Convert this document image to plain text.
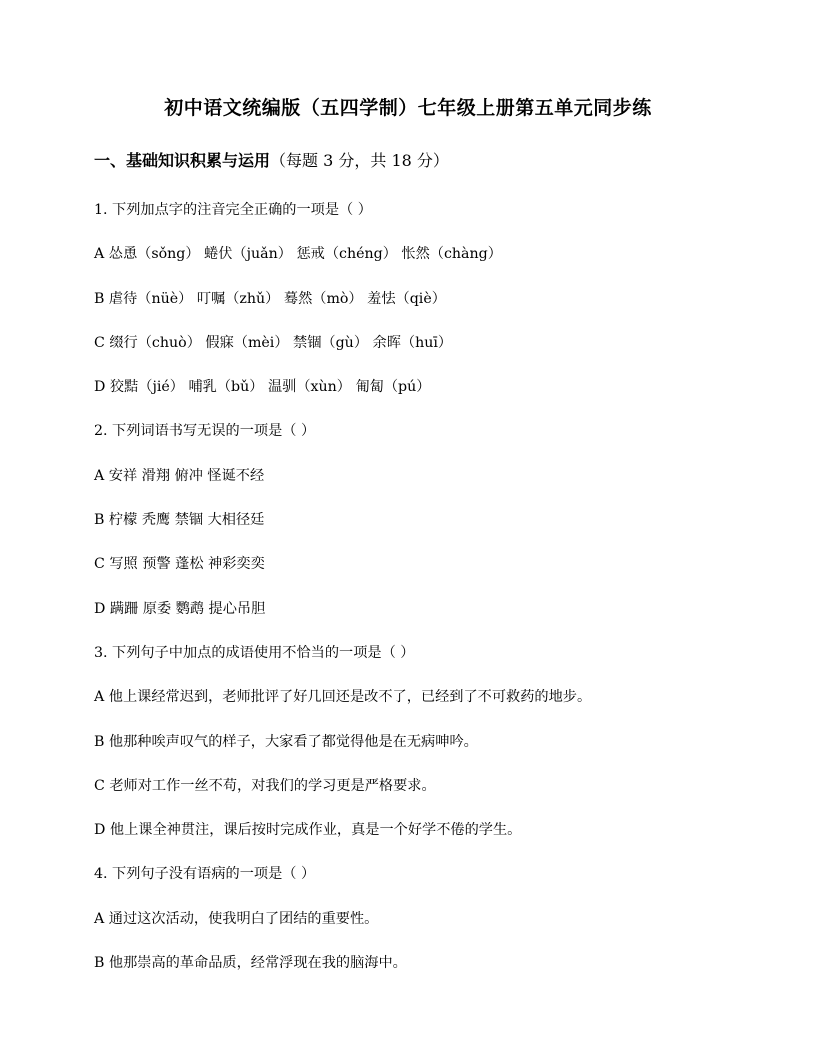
初中语文统编版（五四学制）七年级上册第五单元同步练
一、基础知识积累与运用（每题 3 分，共 18 分）
1. 下列加点字的注音完全正确的一项是（ ）
A 怂恿（sǒng） 蜷伏（juǎn） 惩戒（chéng） 怅然（chàng）
B 虐待（nüè） 叮嘱（zhǔ） 蓦然（mò） 羞怯（qiè）
C 缀行（chuò） 假寐（mèi） 禁锢（gù） 余晖（huī）
D 狡黠（jié） 哺乳（bǔ） 温驯（xùn） 匍匐（pú）
2. 下列词语书写无误的一项是（ ）
A 安祥 滑翔 俯冲 怪诞不经
B 柠檬 秃鹰 禁锢 大相径廷
C 写照 预警 蓬松 神彩奕奕
D 蹒跚 原委 鹦鹉 提心吊胆
3. 下列句子中加点的成语使用不恰当的一项是（ ）
A 他上课经常迟到，老师批评了好几回还是改不了，已经到了不可救药的地步。
B 他那种唉声叹气的样子，大家看了都觉得他是在无病呻吟。
C 老师对工作一丝不苟，对我们的学习更是严格要求。
D 他上课全神贯注，课后按时完成作业，真是一个好学不倦的学生。
4. 下列句子没有语病的一项是（ ）
A 通过这次活动，使我明白了团结的重要性。
B 他那崇高的革命品质，经常浮现在我的脑海中。
